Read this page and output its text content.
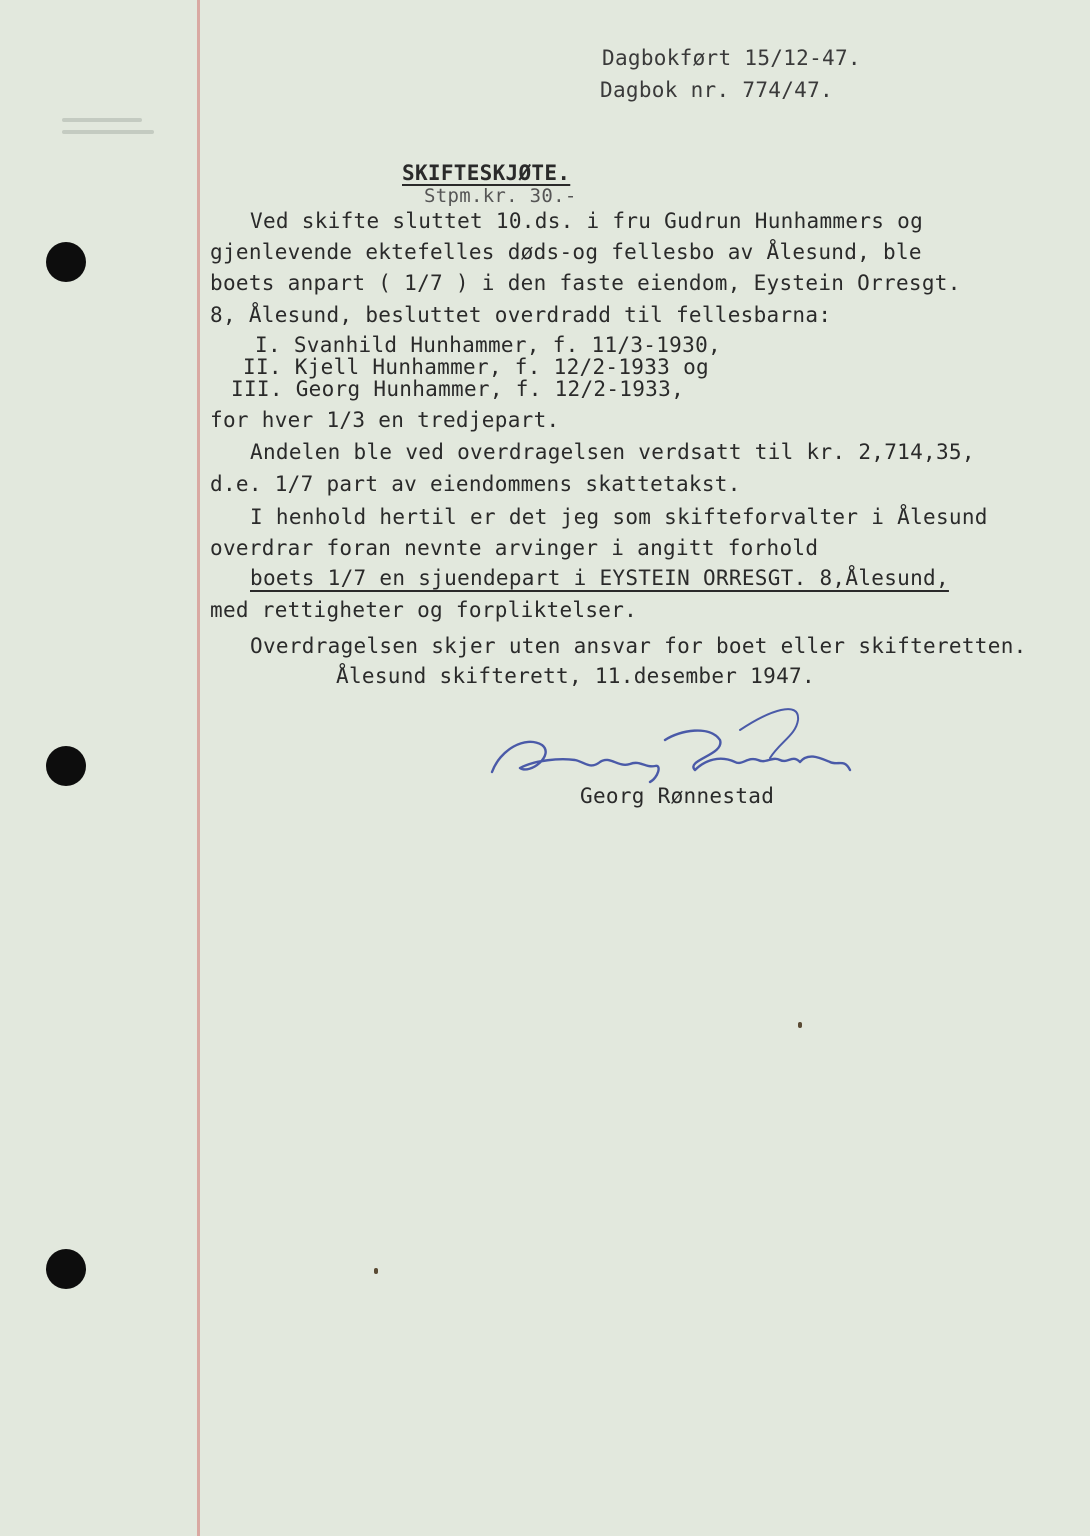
Dagbokført 15/12-47.
Dagbok nr. 774/47.
SKIFTESKJØTE.
Stpm.kr. 30.-
Ved skifte sluttet 10.ds. i fru Gudrun Hunhammers og
gjenlevende ektefelles døds-og fellesbo av Ålesund, ble
boets anpart ( 1/7 ) i den faste eiendom, Eystein Orresgt.
8, Ålesund, besluttet overdradd til fellesbarna:
I. Svanhild Hunhammer, f. 11/3-1930,
II. Kjell Hunhammer, f. 12/2-1933 og
III. Georg Hunhammer, f. 12/2-1933,
for hver 1/3 en tredjepart.
Andelen ble ved overdragelsen verdsatt til kr. 2,714,35,
d.e. 1/7 part av eiendommens skattetakst.
I henhold hertil er det jeg som skifteforvalter i Ålesund
overdrar foran nevnte arvinger i angitt forhold
boets 1/7 en sjuendepart i EYSTEIN ORRESGT. 8,Ålesund,
med rettigheter og forpliktelser.
Overdragelsen skjer uten ansvar for boet eller skifteretten.
Ålesund skifterett, 11.desember 1947.
Georg Rønnestad
